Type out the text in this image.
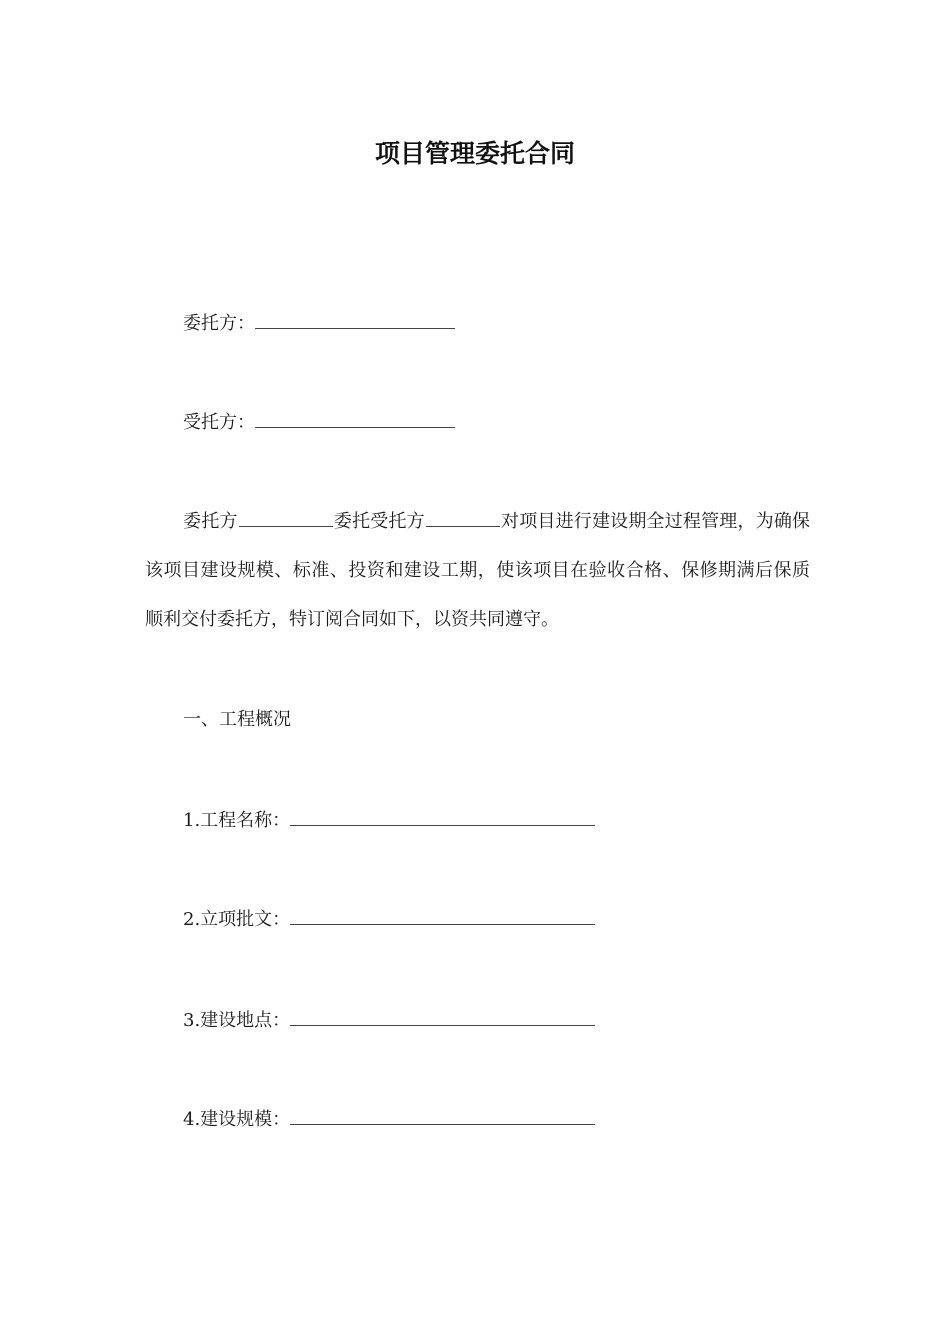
项目管理委托合同
委托方：
受托方：
委托方	委托受托方	对项目进行建设期全过程管理，为确保该项目建设规模、标准、投资和建设工期，使该项目在验收合格、保修期满后保质顺利交付委托方，特订阅合同如下，以资共同遵守。
一、工程概况
1.工程名称：
2.立项批文：
3.建设地点：
4.建设规模：
